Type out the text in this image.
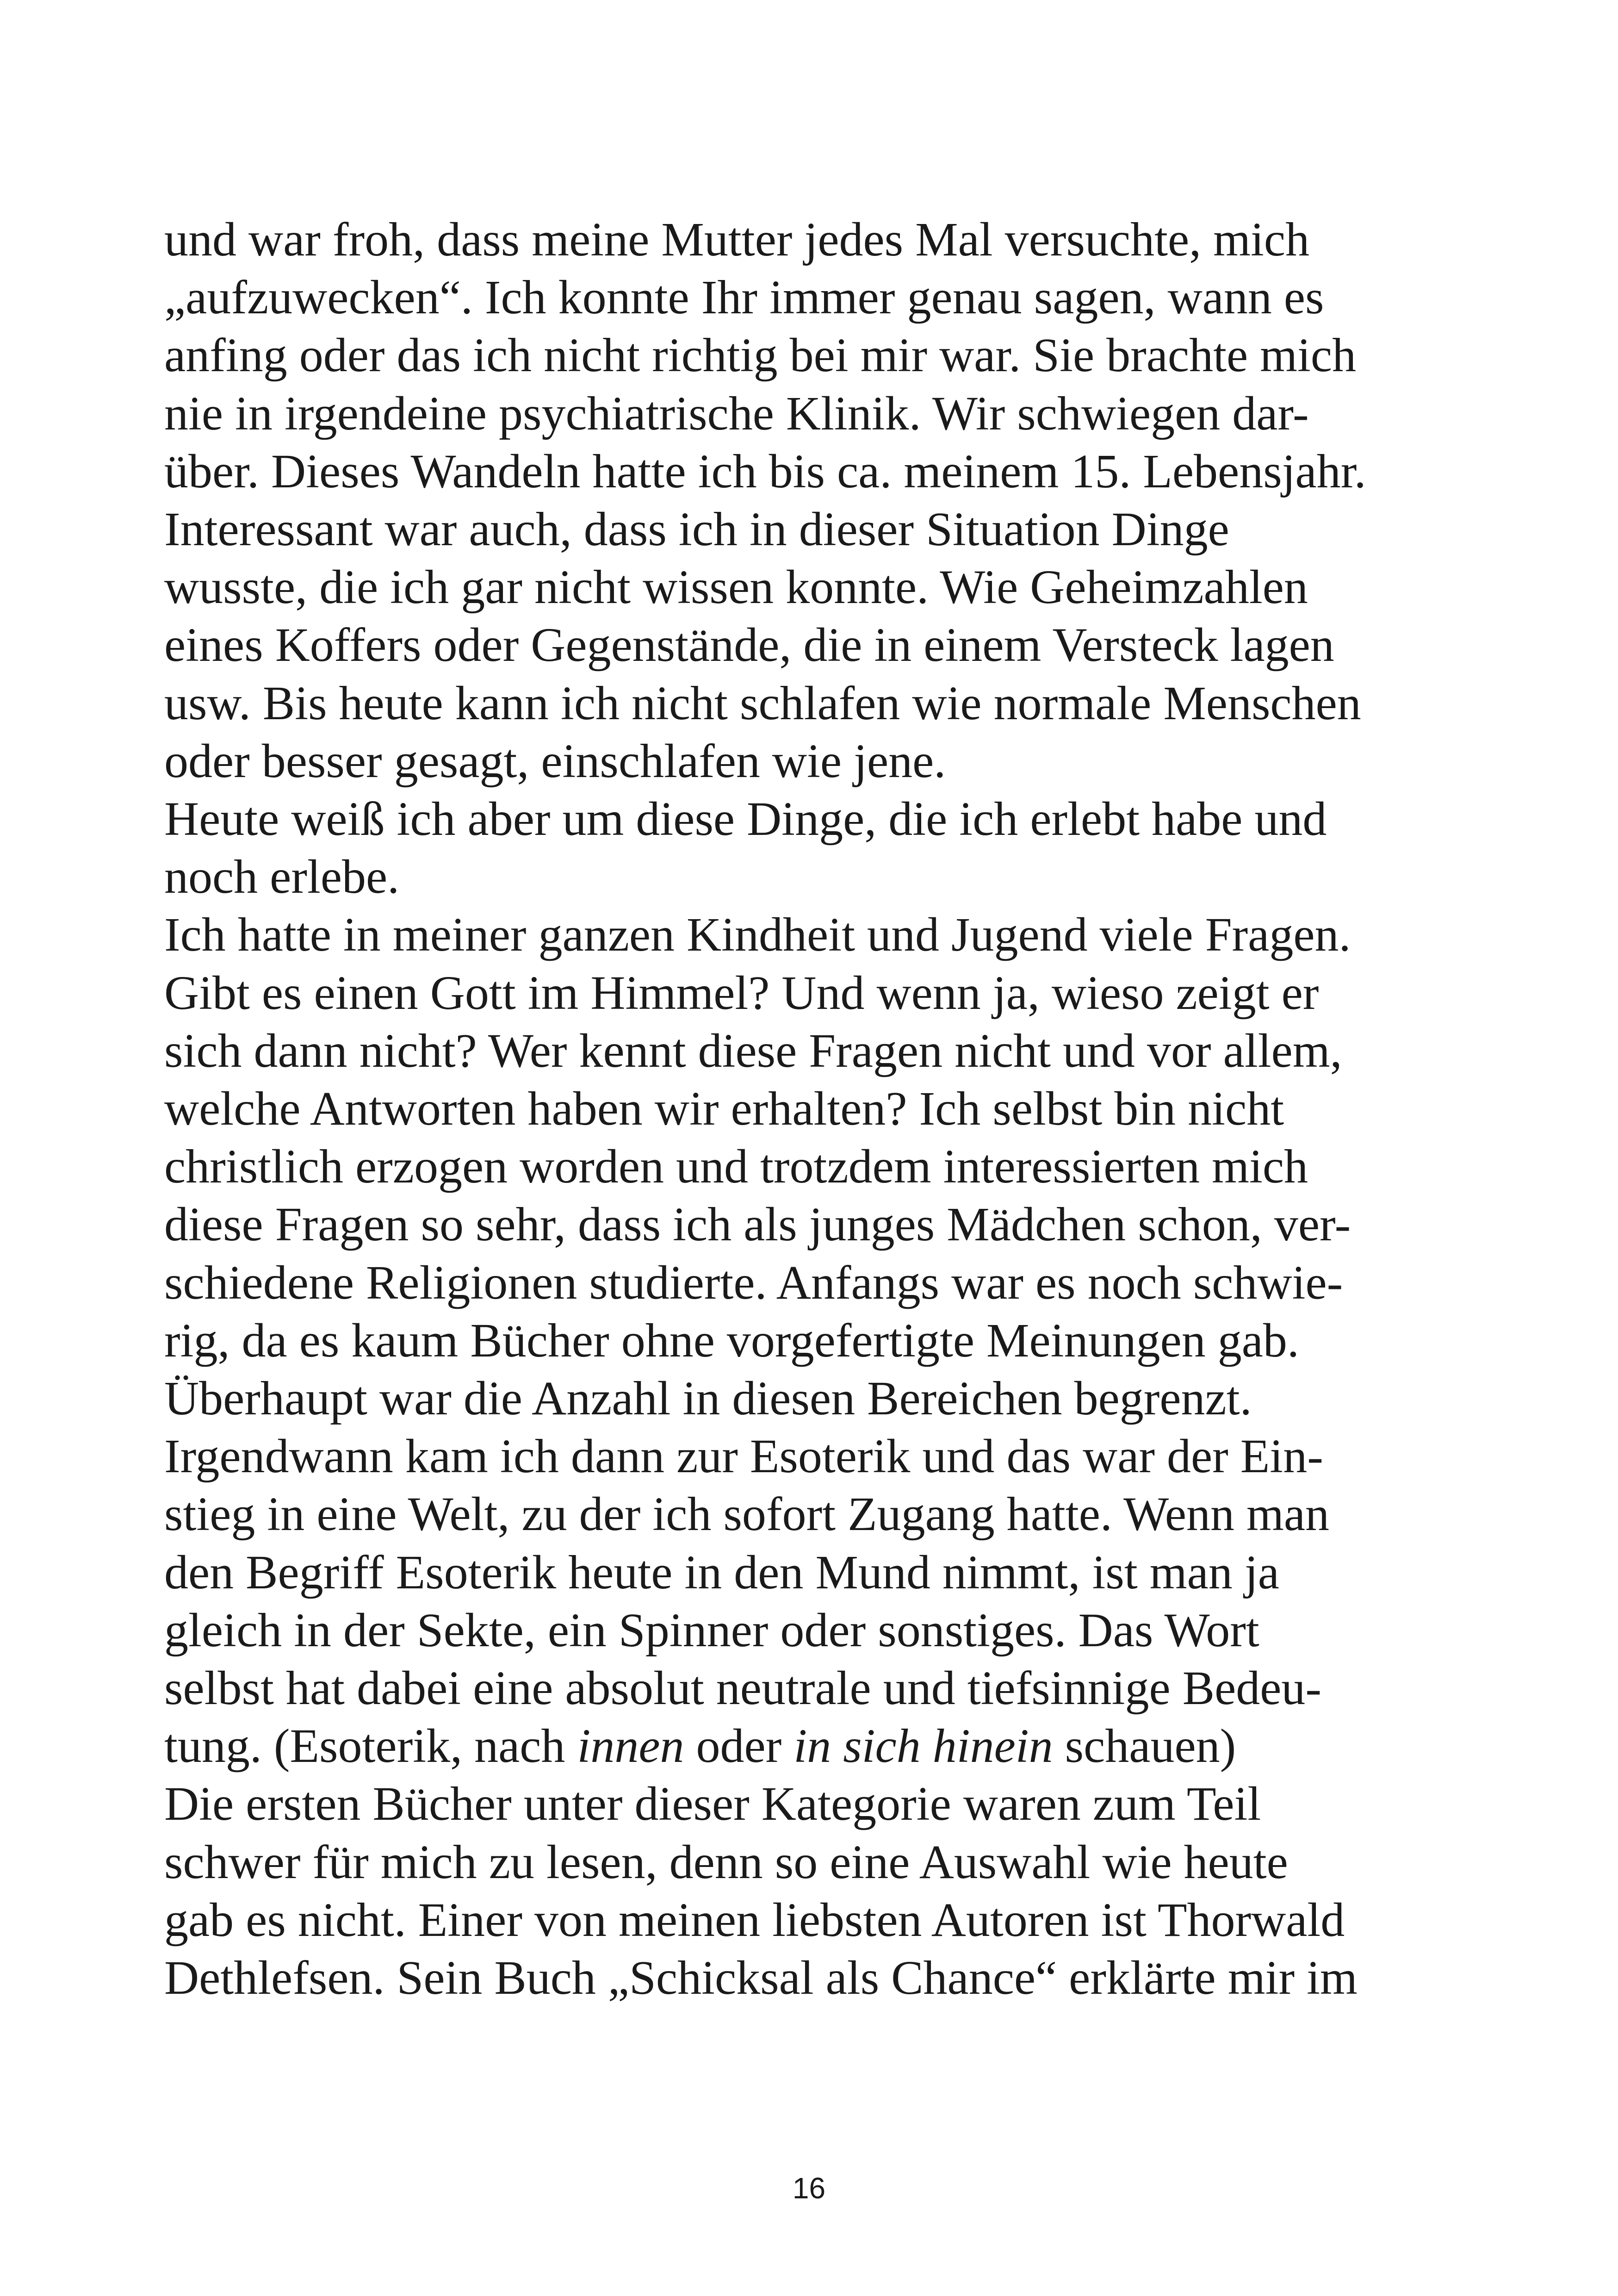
und war froh, dass meine Mutter jedes Mal versuchte, mich
„aufzuwecken“. Ich konnte Ihr immer genau sagen, wann es
anfing oder das ich nicht richtig bei mir war. Sie brachte mich
nie in irgendeine psychiatrische Klinik. Wir schwiegen dar-
über. Dieses Wandeln hatte ich bis ca. meinem 15. Lebensjahr.
Interessant war auch, dass ich in dieser Situation Dinge
wusste, die ich gar nicht wissen konnte. Wie Geheimzahlen
eines Koffers oder Gegenstände, die in einem Versteck lagen
usw. Bis heute kann ich nicht schlafen wie normale Menschen
oder besser gesagt, einschlafen wie jene.
Heute weiß ich aber um diese Dinge, die ich erlebt habe und
noch erlebe.
Ich hatte in meiner ganzen Kindheit und Jugend viele Fragen.
Gibt es einen Gott im Himmel? Und wenn ja, wieso zeigt er
sich dann nicht? Wer kennt diese Fragen nicht und vor allem,
welche Antworten haben wir erhalten? Ich selbst bin nicht
christlich erzogen worden und trotzdem interessierten mich
diese Fragen so sehr, dass ich als junges Mädchen schon, ver-
schiedene Religionen studierte. Anfangs war es noch schwie-
rig, da es kaum Bücher ohne vorgefertigte Meinungen gab.
Überhaupt war die Anzahl in diesen Bereichen begrenzt.
Irgendwann kam ich dann zur Esoterik und das war der Ein-
stieg in eine Welt, zu der ich sofort Zugang hatte. Wenn man
den Begriff Esoterik heute in den Mund nimmt, ist man ja
gleich in der Sekte, ein Spinner oder sonstiges. Das Wort
selbst hat dabei eine absolut neutrale und tiefsinnige Bedeu-
tung. (Esoterik, nach innen oder in sich hinein schauen)
Die ersten Bücher unter dieser Kategorie waren zum Teil
schwer für mich zu lesen, denn so eine Auswahl wie heute
gab es nicht. Einer von meinen liebsten Autoren ist Thorwald
Dethlefsen. Sein Buch „Schicksal als Chance“ erklärte mir im
16
